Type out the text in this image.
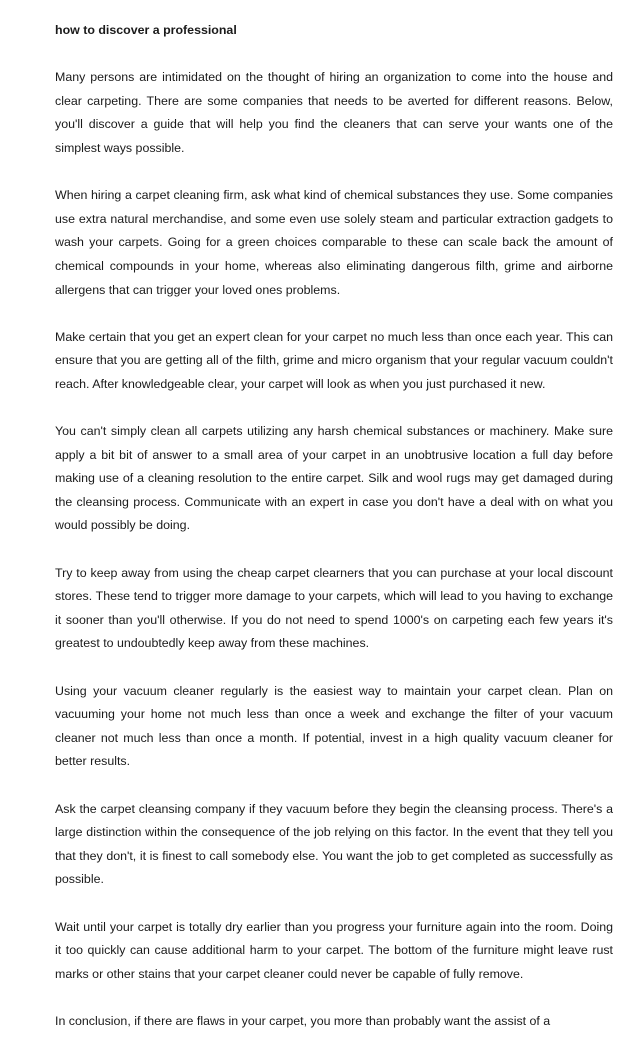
how to discover a professional

Many persons are intimidated on the thought of hiring an organization to come into the house and clear carpeting. There are some companies that needs to be averted for different reasons. Below, you'll discover a guide that will help you find the cleaners that can serve your wants one of the simplest ways possible.

When hiring a carpet cleaning firm, ask what kind of chemical substances they use. Some companies use extra natural merchandise, and some even use solely steam and particular extraction gadgets to wash your carpets. Going for a green choices comparable to these can scale back the amount of chemical compounds in your home, whereas also eliminating dangerous filth, grime and airborne allergens that can trigger your loved ones problems.

Make certain that you get an expert clean for your carpet no much less than once each year. This can ensure that you are getting all of the filth, grime and micro organism that your regular vacuum couldn't reach. After knowledgeable clear, your carpet will look as when you just purchased it new.

You can't simply clean all carpets utilizing any harsh chemical substances or machinery. Make sure apply a bit bit of answer to a small area of your carpet in an unobtrusive location a full day before making use of a cleaning resolution to the entire carpet. Silk and wool rugs may get damaged during the cleansing process. Communicate with an expert in case you don't have a deal with on what you would possibly be doing.

Try to keep away from using the cheap carpet clearners that you can purchase at your local discount stores. These tend to trigger more damage to your carpets, which will lead to you having to exchange it sooner than you'll otherwise. If you do not need to spend 1000's on carpeting each few years it's greatest to undoubtedly keep away from these machines.

Using your vacuum cleaner regularly is the easiest way to maintain your carpet clean. Plan on vacuuming your home not much less than once a week and exchange the filter of your vacuum cleaner not much less than once a month. If potential, invest in a high quality vacuum cleaner for better results.

Ask the carpet cleansing company if they vacuum before they begin the cleansing process. There's a large distinction within the consequence of the job relying on this factor. In the event that they tell you that they don't, it is finest to call somebody else. You want the job to get completed as successfully as possible.

Wait until your carpet is totally dry earlier than you progress your furniture again into the room. Doing it too quickly can cause additional harm to your carpet. The bottom of the furniture might leave rust marks or other stains that your carpet cleaner could never be capable of fully remove.

In conclusion, if there are flaws in your carpet, you more than probably want the assist of a
